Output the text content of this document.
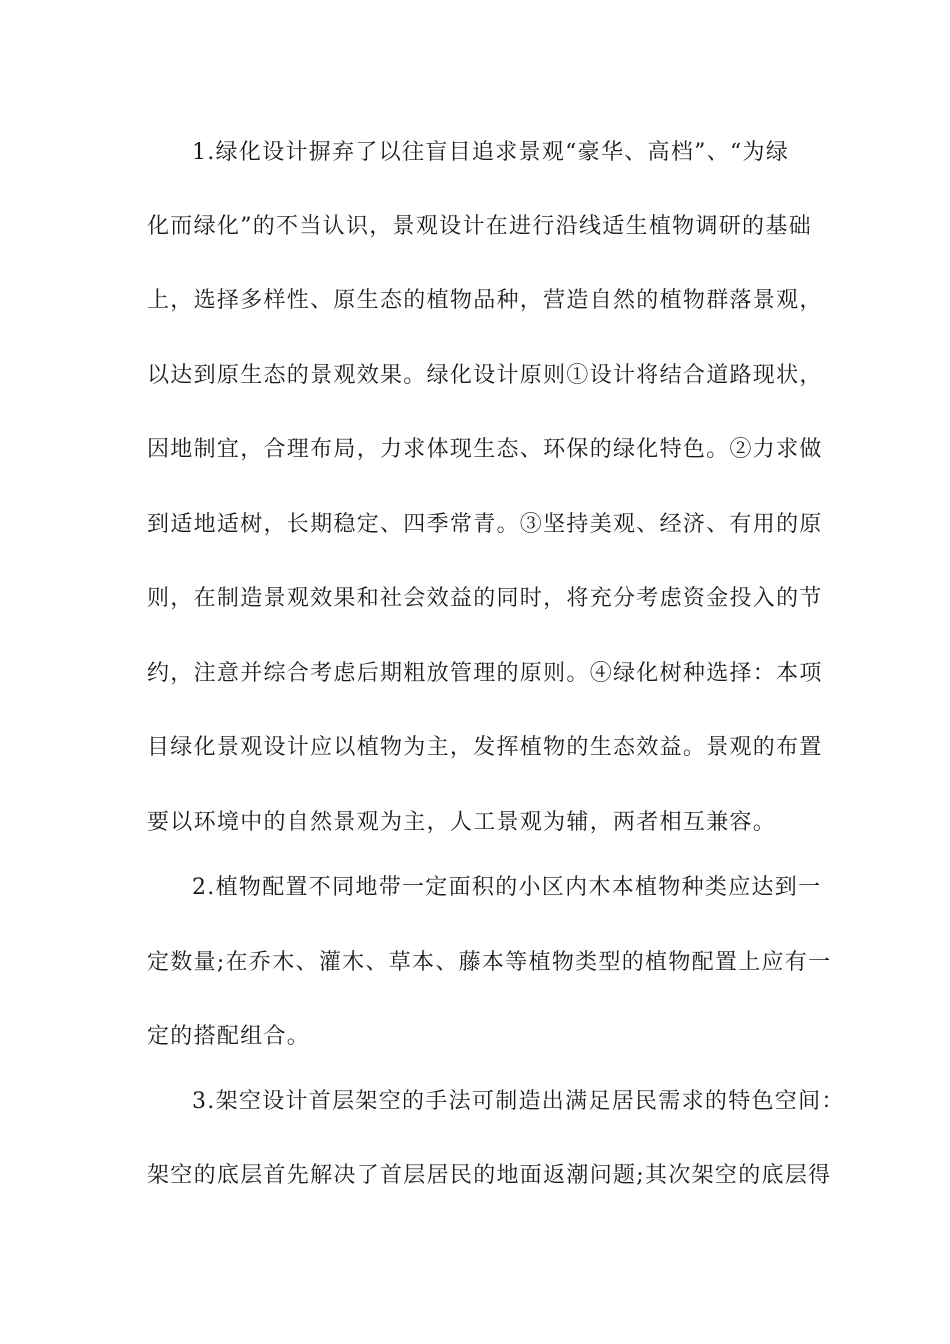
1.绿化设计摒弃了以往盲目追求景观“豪华、高档”、“为绿
化而绿化”的不当认识，景观设计在进行沿线适生植物调研的基础
上，选择多样性、原生态的植物品种，营造自然的植物群落景观，
以达到原生态的景观效果。绿化设计原则①设计将结合道路现状，
因地制宜，合理布局，力求体现生态、环保的绿化特色。②力求做
到适地适树，长期稳定、四季常青。③坚持美观、经济、有用的原
则，在制造景观效果和社会效益的同时，将充分考虑资金投入的节
约，注意并综合考虑后期粗放管理的原则。④绿化树种选择：本项
目绿化景观设计应以植物为主，发挥植物的生态效益。景观的布置
要以环境中的自然景观为主，人工景观为辅，两者相互兼容。
2.植物配置不同地带一定面积的小区内木本植物种类应达到一
定数量;在乔木、灌木、草本、藤本等植物类型的植物配置上应有一
定的搭配组合。
3.架空设计首层架空的手法可制造出满足居民需求的特色空间：
架空的底层首先解决了首层居民的地面返潮问题;其次架空的底层得
